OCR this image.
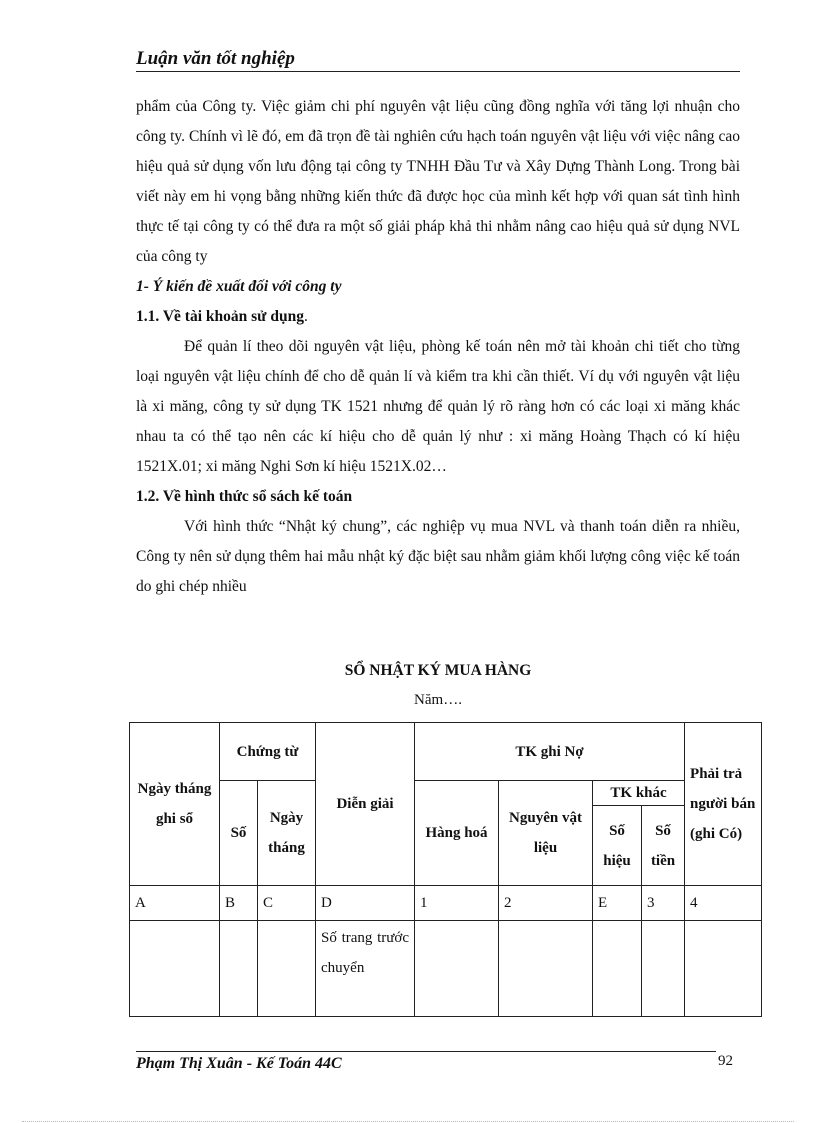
Luận văn tốt nghiệp

phẩm của Công ty. Việc giảm chi phí nguyên vật liệu cũng đồng nghĩa với tăng lợi nhuận cho công ty. Chính vì lẽ đó, em đã trọn đề tài nghiên cứu hạch toán nguyên vật liệu với việc nâng cao hiệu quả sử dụng vốn lưu động tại công ty TNHH Đầu Tư và Xây Dựng Thành Long. Trong bài viết này em hi vọng bằng những kiến thức đã được học của mình kết hợp với quan sát tình hình thực tế tại công ty có thể đưa ra một số giải pháp khả thi nhằm nâng cao hiệu quả sử dụng NVL của công ty

1- Ý kiến đề xuất đối với công ty

1.1. Về tài khoản sử dụng.

Để quản lí theo dõi nguyên vật liệu, phòng kế toán nên mở tài khoản chi tiết cho từng loại nguyên vật liệu chính để cho dễ quản lí và kiểm tra khi cần thiết. Ví dụ với nguyên vật liệu là xi măng, công ty sử dụng TK 1521 nhưng để quản lý rõ ràng hơn có các loại xi măng khác nhau ta có thể tạo nên các kí hiệu cho dễ quản lý như : xi măng Hoàng Thạch có kí hiệu 1521X.01; xi măng Nghi Sơn kí hiệu 1521X.02…

1.2. Về hình thức sổ sách kế toán

Với hình thức “Nhật ký chung”, các nghiệp vụ mua NVL và thanh toán diễn ra nhiều, Công ty nên sử dụng thêm hai mẫu nhật ký đặc biệt sau nhằm giảm khối lượng công việc kế toán do ghi chép nhiều

SỔ NHẬT KÝ MUA HÀNG
Năm….
Ngày tháng ghi sổ	Chứng từ		Diễn giải	TK ghi Nợ				Phải trả người bán (ghi Có)
	Số	Ngày tháng		Hàng hoá	Nguyên vật liệu	TK khác		
						Số hiệu	Số tiền	
A	B	C	D	1	2	E	3	4
			Số trang trước chuyển					
Phạm Thị Xuân - Kế Toán 44C	92
